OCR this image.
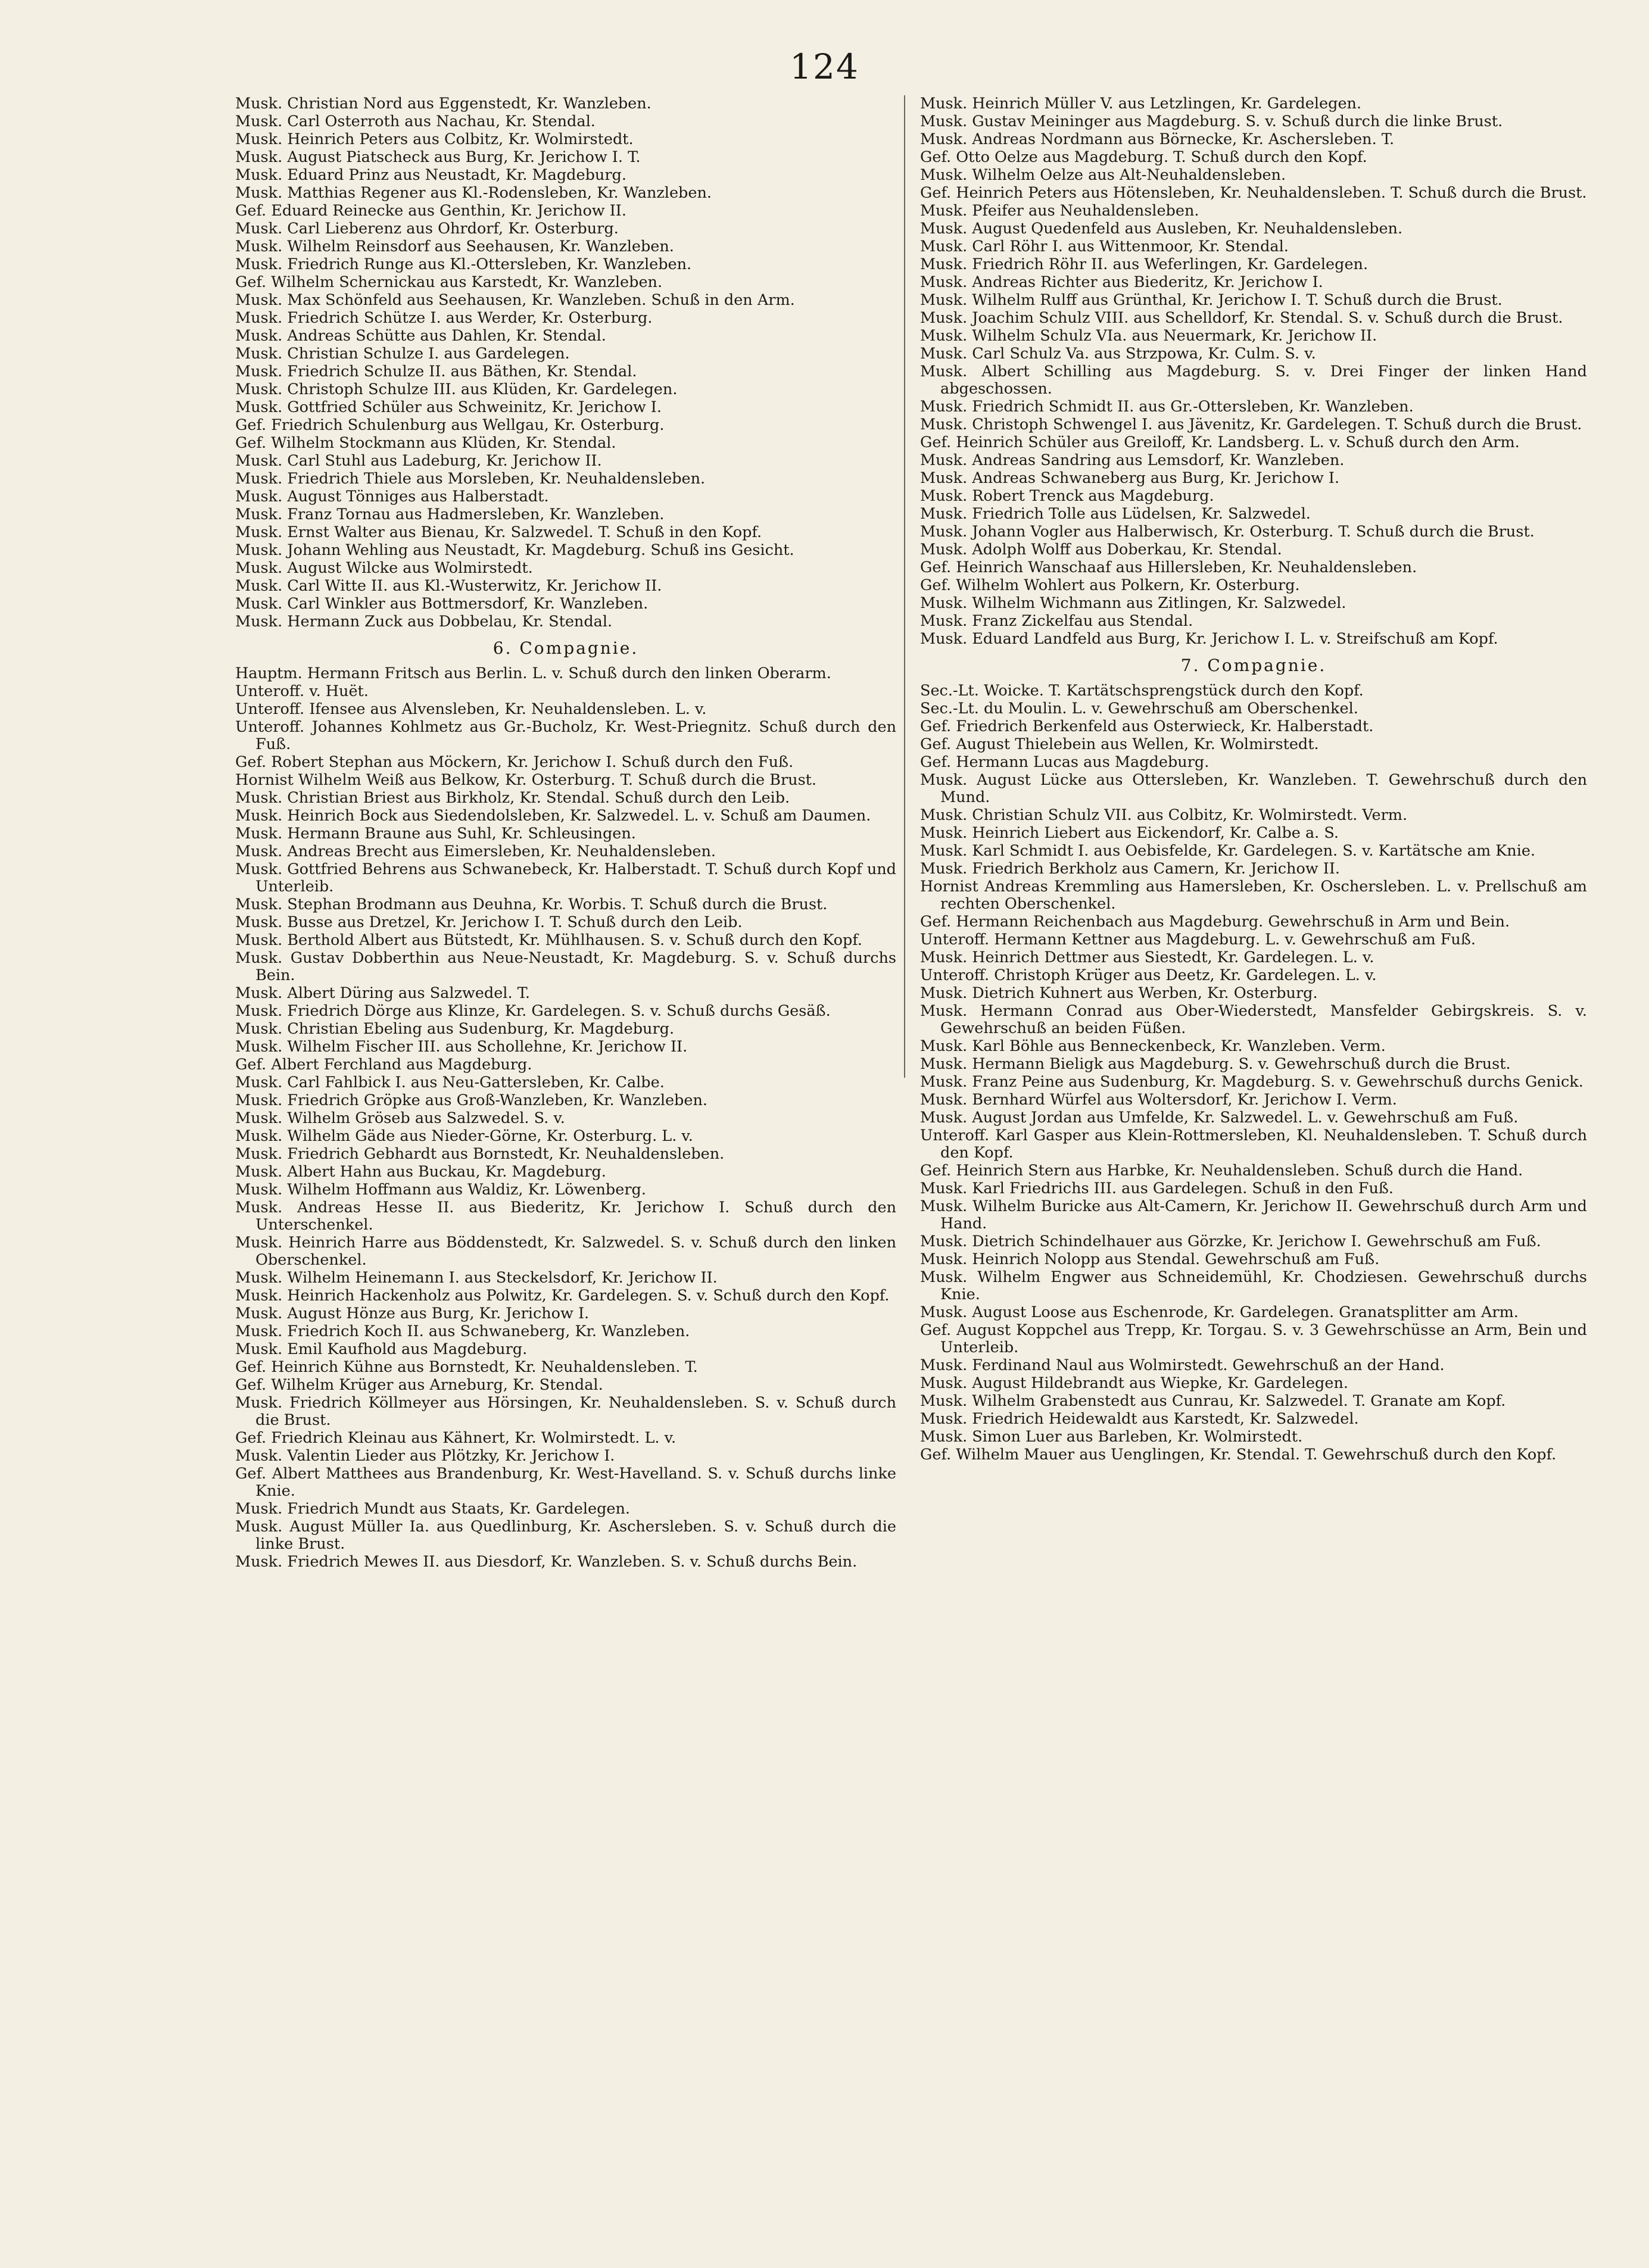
124

Musk. Christian Nord aus Eggenstedt, Kr. Wanzleben.

Musk. Carl Osterroth aus Nachau, Kr. Stendal.

Musk. Heinrich Peters aus Colbitz, Kr. Wolmirstedt.

Musk. August Piatscheck aus Burg, Kr. Jerichow I. T.

Musk. Eduard Prinz aus Neustadt, Kr. Magdeburg.

Musk. Matthias Regener aus Kl.-Rodensleben, Kr. Wanzleben.

Gef. Eduard Reinecke aus Genthin, Kr. Jerichow II.

Musk. Carl Lieberenz aus Ohrdorf, Kr. Osterburg.

Musk. Wilhelm Reinsdorf aus Seehausen, Kr. Wanzleben.

Musk. Friedrich Runge aus Kl.-Ottersleben, Kr. Wanzleben.

Gef. Wilhelm Schernickau aus Karstedt, Kr. Wanzleben.

Musk. Max Schönfeld aus Seehausen, Kr. Wanzleben. Schuß in den Arm.

Musk. Friedrich Schütze I. aus Werder, Kr. Osterburg.

Musk. Andreas Schütte aus Dahlen, Kr. Stendal.

Musk. Christian Schulze I. aus Gardelegen.

Musk. Friedrich Schulze II. aus Bäthen, Kr. Stendal.

Musk. Christoph Schulze III. aus Klüden, Kr. Gardelegen.

Musk. Gottfried Schüler aus Schweinitz, Kr. Jerichow I.

Gef. Friedrich Schulenburg aus Wellgau, Kr. Osterburg.

Gef. Wilhelm Stockmann aus Klüden, Kr. Stendal.

Musk. Carl Stuhl aus Ladeburg, Kr. Jerichow II.

Musk. Friedrich Thiele aus Morsleben, Kr. Neuhaldensleben.

Musk. August Tönniges aus Halberstadt.

Musk. Franz Tornau aus Hadmersleben, Kr. Wanzleben.

Musk. Ernst Walter aus Bienau, Kr. Salzwedel. T. Schuß in den Kopf.

Musk. Johann Wehling aus Neustadt, Kr. Magdeburg. Schuß ins Gesicht.

Musk. August Wilcke aus Wolmirstedt.

Musk. Carl Witte II. aus Kl.-Wusterwitz, Kr. Jerichow II.

Musk. Carl Winkler aus Bottmersdorf, Kr. Wanzleben.

Musk. Hermann Zuck aus Dobbelau, Kr. Stendal.

6. Compagnie.

Hauptm. Hermann Fritsch aus Berlin. L. v. Schuß durch den linken Oberarm.

Unteroff. v. Huët.

Unteroff. Ifensee aus Alvensleben, Kr. Neuhaldensleben. L. v.

Unteroff. Johannes Kohlmetz aus Gr.-Bucholz, Kr. West-Priegnitz. Schuß durch den Fuß.

Gef. Robert Stephan aus Möckern, Kr. Jerichow I. Schuß durch den Fuß.

Hornist Wilhelm Weiß aus Belkow, Kr. Osterburg. T. Schuß durch die Brust.

Musk. Christian Briest aus Birkholz, Kr. Stendal. Schuß durch den Leib.

Musk. Heinrich Bock aus Siedendolsleben, Kr. Salzwedel. L. v. Schuß am Daumen.

Musk. Hermann Braune aus Suhl, Kr. Schleusingen.

Musk. Andreas Brecht aus Eimersleben, Kr. Neuhaldensleben.

Musk. Gottfried Behrens aus Schwanebeck, Kr. Halberstadt. T. Schuß durch Kopf und Unterleib.

Musk. Stephan Brodmann aus Deuhna, Kr. Worbis. T. Schuß durch die Brust.

Musk. Busse aus Dretzel, Kr. Jerichow I. T. Schuß durch den Leib.

Musk. Berthold Albert aus Bütstedt, Kr. Mühlhausen. S. v. Schuß durch den Kopf.

Musk. Gustav Dobberthin aus Neue-Neustadt, Kr. Magdeburg. S. v. Schuß durchs Bein.

Musk. Albert Düring aus Salzwedel. T.

Musk. Friedrich Dörge aus Klinze, Kr. Gardelegen. S. v. Schuß durchs Gesäß.

Musk. Christian Ebeling aus Sudenburg, Kr. Magdeburg.

Musk. Wilhelm Fischer III. aus Schollehne, Kr. Jerichow II.

Gef. Albert Ferchland aus Magdeburg.

Musk. Carl Fahlbick I. aus Neu-Gattersleben, Kr. Calbe.

Musk. Friedrich Gröpke aus Groß-Wanzleben, Kr. Wanzleben.

Musk. Wilhelm Gröseb aus Salzwedel. S. v.

Musk. Wilhelm Gäde aus Nieder-Görne, Kr. Osterburg. L. v.

Musk. Friedrich Gebhardt aus Bornstedt, Kr. Neuhaldensleben.

Musk. Albert Hahn aus Buckau, Kr. Magdeburg.

Musk. Wilhelm Hoffmann aus Waldiz, Kr. Löwenberg.

Musk. Andreas Hesse II. aus Biederitz, Kr. Jerichow I. Schuß durch den Unterschenkel.

Musk. Heinrich Harre aus Böddenstedt, Kr. Salzwedel. S. v. Schuß durch den linken Oberschenkel.

Musk. Wilhelm Heinemann I. aus Steckelsdorf, Kr. Jerichow II.

Musk. Heinrich Hackenholz aus Polwitz, Kr. Gardelegen. S. v. Schuß durch den Kopf.

Musk. August Hönze aus Burg, Kr. Jerichow I.

Musk. Friedrich Koch II. aus Schwaneberg, Kr. Wanzleben.

Musk. Emil Kaufhold aus Magdeburg.

Gef. Heinrich Kühne aus Bornstedt, Kr. Neuhaldensleben. T.

Gef. Wilhelm Krüger aus Arneburg, Kr. Stendal.

Musk. Friedrich Köllmeyer aus Hörsingen, Kr. Neuhaldensleben. S. v. Schuß durch die Brust.

Gef. Friedrich Kleinau aus Kähnert, Kr. Wolmirstedt. L. v.

Musk. Valentin Lieder aus Plötzky, Kr. Jerichow I.

Gef. Albert Matthees aus Brandenburg, Kr. West-Havelland. S. v. Schuß durchs linke Knie.

Musk. Friedrich Mundt aus Staats, Kr. Gardelegen.

Musk. August Müller Ia. aus Quedlinburg, Kr. Aschersleben. S. v. Schuß durch die linke Brust.

Musk. Friedrich Mewes II. aus Diesdorf, Kr. Wanzleben. S. v. Schuß durchs Bein.

Musk. Heinrich Müller V. aus Letzlingen, Kr. Gardelegen.

Musk. Gustav Meininger aus Magdeburg. S. v. Schuß durch die linke Brust.

Musk. Andreas Nordmann aus Börnecke, Kr. Aschersleben. T.

Gef. Otto Oelze aus Magdeburg. T. Schuß durch den Kopf.

Musk. Wilhelm Oelze aus Alt-Neuhaldensleben.

Gef. Heinrich Peters aus Hötensleben, Kr. Neuhaldensleben. T. Schuß durch die Brust.

Musk. Pfeifer aus Neuhaldensleben.

Musk. August Quedenfeld aus Ausleben, Kr. Neuhaldensleben.

Musk. Carl Röhr I. aus Wittenmoor, Kr. Stendal.

Musk. Friedrich Röhr II. aus Weferlingen, Kr. Gardelegen.

Musk. Andreas Richter aus Biederitz, Kr. Jerichow I.

Musk. Wilhelm Rulff aus Grünthal, Kr. Jerichow I. T. Schuß durch die Brust.

Musk. Joachim Schulz VIII. aus Schelldorf, Kr. Stendal. S. v. Schuß durch die Brust.

Musk. Wilhelm Schulz VIa. aus Neuermark, Kr. Jerichow II.

Musk. Carl Schulz Va. aus Strzpowa, Kr. Culm. S. v.

Musk. Albert Schilling aus Magdeburg. S. v. Drei Finger der linken Hand abgeschossen.

Musk. Friedrich Schmidt II. aus Gr.-Ottersleben, Kr. Wanzleben.

Musk. Christoph Schwengel I. aus Jävenitz, Kr. Gardelegen. T. Schuß durch die Brust.

Gef. Heinrich Schüler aus Greiloff, Kr. Landsberg. L. v. Schuß durch den Arm.

Musk. Andreas Sandring aus Lemsdorf, Kr. Wanzleben.

Musk. Andreas Schwaneberg aus Burg, Kr. Jerichow I.

Musk. Robert Trenck aus Magdeburg.

Musk. Friedrich Tolle aus Lüdelsen, Kr. Salzwedel.

Musk. Johann Vogler aus Halberwisch, Kr. Osterburg. T. Schuß durch die Brust.

Musk. Adolph Wolff aus Doberkau, Kr. Stendal.

Gef. Heinrich Wanschaaf aus Hillersleben, Kr. Neuhaldensleben.

Gef. Wilhelm Wohlert aus Polkern, Kr. Osterburg.

Musk. Wilhelm Wichmann aus Zitlingen, Kr. Salzwedel.

Musk. Franz Zickelfau aus Stendal.

Musk. Eduard Landfeld aus Burg, Kr. Jerichow I. L. v. Streifschuß am Kopf.

7. Compagnie.

Sec.-Lt. Woicke. T. Kartätschsprengstück durch den Kopf.

Sec.-Lt. du Moulin. L. v. Gewehrschuß am Oberschenkel.

Gef. Friedrich Berkenfeld aus Osterwieck, Kr. Halberstadt.

Gef. August Thielebein aus Wellen, Kr. Wolmirstedt.

Gef. Hermann Lucas aus Magdeburg.

Musk. August Lücke aus Ottersleben, Kr. Wanzleben. T. Gewehrschuß durch den Mund.

Musk. Christian Schulz VII. aus Colbitz, Kr. Wolmirstedt. Verm.

Musk. Heinrich Liebert aus Eickendorf, Kr. Calbe a. S.

Musk. Karl Schmidt I. aus Oebisfelde, Kr. Gardelegen. S. v. Kartätsche am Knie.

Musk. Friedrich Berkholz aus Camern, Kr. Jerichow II.

Hornist Andreas Kremmling aus Hamersleben, Kr. Oschersleben. L. v. Prellschuß am rechten Oberschenkel.

Gef. Hermann Reichenbach aus Magdeburg. Gewehrschuß in Arm und Bein.

Unteroff. Hermann Kettner aus Magdeburg. L. v. Gewehrschuß am Fuß.

Musk. Heinrich Dettmer aus Siestedt, Kr. Gardelegen. L. v.

Unteroff. Christoph Krüger aus Deetz, Kr. Gardelegen. L. v.

Musk. Dietrich Kuhnert aus Werben, Kr. Osterburg.

Musk. Hermann Conrad aus Ober-Wiederstedt, Mansfelder Gebirgskreis. S. v. Gewehrschuß an beiden Füßen.

Musk. Karl Böhle aus Benneckenbeck, Kr. Wanzleben. Verm.

Musk. Hermann Bieligk aus Magdeburg. S. v. Gewehrschuß durch die Brust.

Musk. Franz Peine aus Sudenburg, Kr. Magdeburg. S. v. Gewehrschuß durchs Genick.

Musk. Bernhard Würfel aus Woltersdorf, Kr. Jerichow I. Verm.

Musk. August Jordan aus Umfelde, Kr. Salzwedel. L. v. Gewehrschuß am Fuß.

Unteroff. Karl Gasper aus Klein-Rottmersleben, Kl. Neuhaldensleben. T. Schuß durch den Kopf.

Gef. Heinrich Stern aus Harbke, Kr. Neuhaldensleben. Schuß durch die Hand.

Musk. Karl Friedrichs III. aus Gardelegen. Schuß in den Fuß.

Musk. Wilhelm Buricke aus Alt-Camern, Kr. Jerichow II. Gewehrschuß durch Arm und Hand.

Musk. Dietrich Schindelhauer aus Görzke, Kr. Jerichow I. Gewehrschuß am Fuß.

Musk. Heinrich Nolopp aus Stendal. Gewehrschuß am Fuß.

Musk. Wilhelm Engwer aus Schneidemühl, Kr. Chodziesen. Gewehrschuß durchs Knie.

Musk. August Loose aus Eschenrode, Kr. Gardelegen. Granatsplitter am Arm.

Gef. August Koppchel aus Trepp, Kr. Torgau. S. v. 3 Gewehrschüsse an Arm, Bein und Unterleib.

Musk. Ferdinand Naul aus Wolmirstedt. Gewehrschuß an der Hand.

Musk. August Hildebrandt aus Wiepke, Kr. Gardelegen.

Musk. Wilhelm Grabenstedt aus Cunrau, Kr. Salzwedel. T. Granate am Kopf.

Musk. Friedrich Heidewaldt aus Karstedt, Kr. Salzwedel.

Musk. Simon Luer aus Barleben, Kr. Wolmirstedt.

Gef. Wilhelm Mauer aus Uenglingen, Kr. Stendal. T. Gewehrschuß durch den Kopf.
